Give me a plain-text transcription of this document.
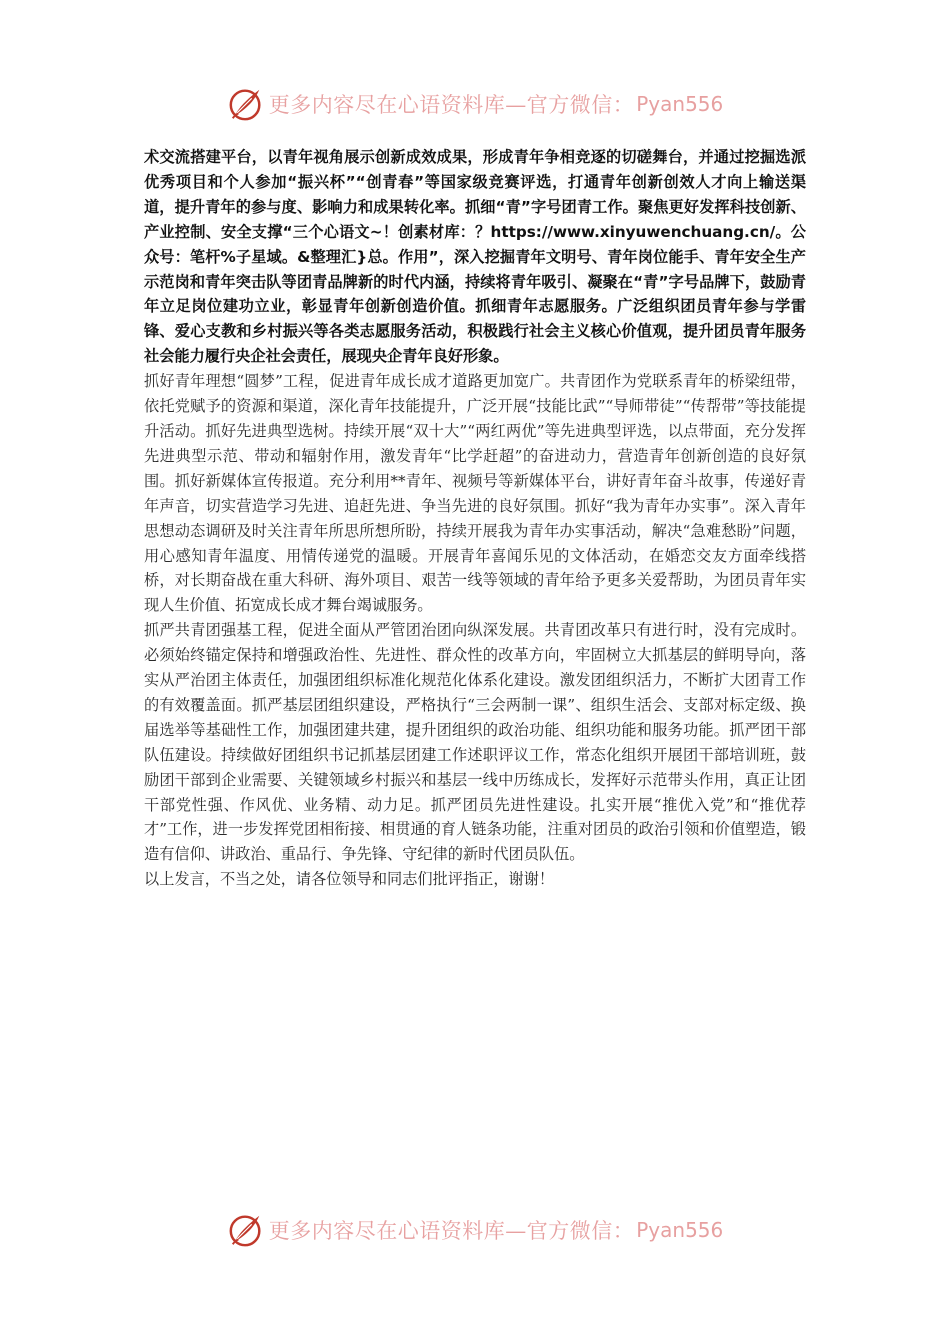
更多内容尽在心语资料库—官方微信： Pyan556

术交流搭建平台，以青年视角展示创新成效成果，形成青年争相竞逐的切磋舞台，并通过挖掘选派优秀项目和个人参加“振兴杯”“创青春”等国家级竞赛评选，打通青年创新创效人才向上输送渠道，提升青年的参与度、影响力和成果转化率。抓细“青”字号团青工作。聚焦更好发挥科技创新、产业控制、安全支撑“三个心语文~！创素材库：？https://www.xinyuwenchuang.cn/。公众号：笔杆%子星域。&整理汇}总。作用”，深入挖掘青年文明号、青年岗位能手、青年安全生产示范岗和青年突击队等团青品牌新的时代内涵，持续将青年吸引、凝聚在“青”字号品牌下，鼓励青年立足岗位建功立业，彰显青年创新创造价值。抓细青年志愿服务。广泛组织团员青年参与学雷锋、爱心支教和乡村振兴等各类志愿服务活动，积极践行社会主义核心价值观，提升团员青年服务社会能力履行央企社会责任，展现央企青年良好形象。

抓好青年理想“圆梦”工程，促进青年成长成才道路更加宽广。共青团作为党联系青年的桥梁纽带，依托党赋予的资源和渠道，深化青年技能提升，广泛开展“技能比武”“导师带徒”“传帮带”等技能提升活动。抓好先进典型选树。持续开展“双十大”“两红两优”等先进典型评选，以点带面，充分发挥先进典型示范、带动和辐射作用，激发青年“比学赶超”的奋进动力，营造青年创新创造的良好氛围。抓好新媒体宣传报道。充分利用**青年、视频号等新媒体平台，讲好青年奋斗故事，传递好青年声音，切实营造学习先进、追赶先进、争当先进的良好氛围。抓好“我为青年办实事”。深入青年思想动态调研及时关注青年所思所想所盼，持续开展我为青年办实事活动，解决“急难愁盼”问题，用心感知青年温度、用情传递党的温暖。开展青年喜闻乐见的文体活动，在婚恋交友方面牵线搭桥，对长期奋战在重大科研、海外项目、艰苦一线等领域的青年给予更多关爱帮助，为团员青年实现人生价值、拓宽成长成才舞台竭诚服务。

抓严共青团强基工程，促进全面从严管团治团向纵深发展。共青团改革只有进行时，没有完成时。必须始终锚定保持和增强政治性、先进性、群众性的改革方向，牢固树立大抓基层的鲜明导向，落实从严治团主体责任，加强团组织标准化规范化体系化建设。激发团组织活力，不断扩大团青工作的有效覆盖面。抓严基层团组织建设，严格执行“三会两制一课”、组织生活会、支部对标定级、换届选举等基础性工作，加强团建共建，提升团组织的政治功能、组织功能和服务功能。抓严团干部队伍建设。持续做好团组织书记抓基层团建工作述职评议工作，常态化组织开展团干部培训班，鼓励团干部到企业需要、关键领域乡村振兴和基层一线中历练成长，发挥好示范带头作用，真正让团干部党性强、作风优、业务精、动力足。抓严团员先进性建设。扎实开展“推优入党”和“推优荐才”工作，进一步发挥党团相衔接、相贯通的育人链条功能，注重对团员的政治引领和价值塑造，锻造有信仰、讲政治、重品行、争先锋、守纪律的新时代团员队伍。

以上发言，不当之处，请各位领导和同志们批评指正，谢谢！

更多内容尽在心语资料库—官方微信： Pyan556
